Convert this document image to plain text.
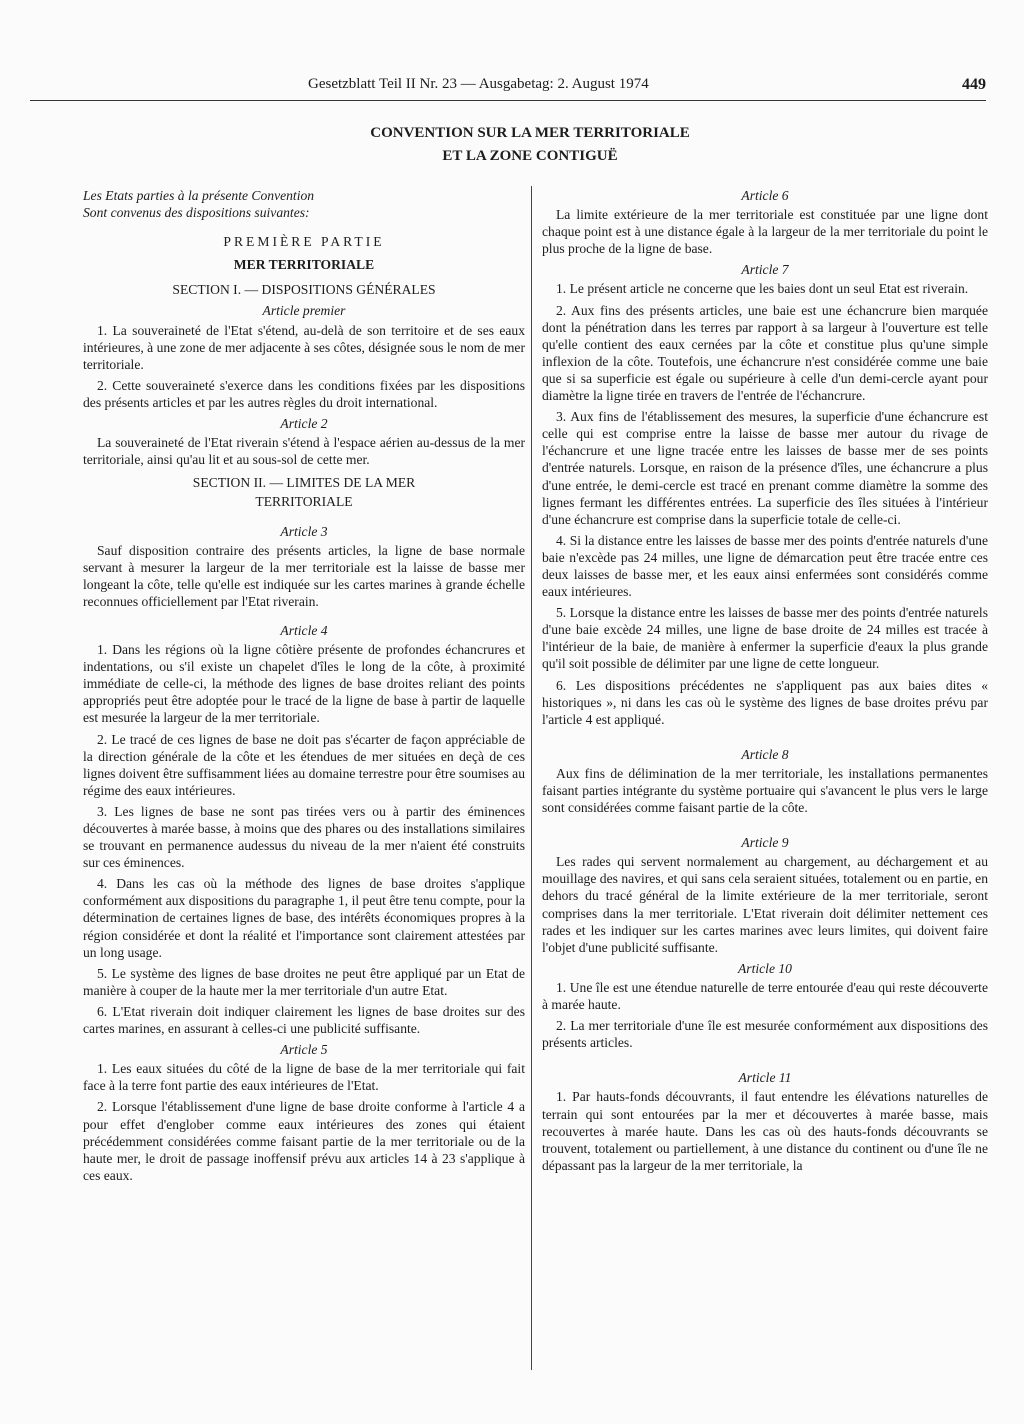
Gesetzblatt Teil II Nr. 23 — Ausgabetag: 2. August 1974	449
CONVENTION SUR LA MER TERRITORIALE
ET LA ZONE CONTIGUË

Les Etats parties à la présente Convention

Sont convenus des dispositions suivantes:

PREMIÈRE PARTIE

MER TERRITORIALE

SECTION I. — DISPOSITIONS GÉNÉRALES

Article premier

1. La souveraineté de l'Etat s'étend, au-delà de son territoire et de ses eaux intérieures, à une zone de mer adjacente à ses côtes, désignée sous le nom de mer territoriale.

2. Cette souveraineté s'exerce dans les conditions fixées par les dispositions des présents articles et par les autres règles du droit international.

Article 2

La souveraineté de l'Etat riverain s'étend à l'espace aérien au-dessus de la mer territoriale, ainsi qu'au lit et au sous-sol de cette mer.

SECTION II. — LIMITES DE LA MER

TERRITORIALE

Article 3

Sauf disposition contraire des présents articles, la ligne de base normale servant à mesurer la largeur de la mer territoriale est la laisse de basse mer longeant la côte, telle qu'elle est indiquée sur les cartes marines à grande échelle reconnues officiellement par l'Etat riverain.

Article 4

1. Dans les régions où la ligne côtière présente de profondes échancrures et indentations, ou s'il existe un chapelet d'îles le long de la côte, à proximité immédiate de celle-ci, la méthode des lignes de base droites reliant des points appropriés peut être adoptée pour le tracé de la ligne de base à partir de laquelle est mesurée la largeur de la mer territoriale.

2. Le tracé de ces lignes de base ne doit pas s'écarter de façon appréciable de la direction générale de la côte et les étendues de mer situées en deçà de ces lignes doivent être suffisamment liées au domaine terrestre pour être soumises au régime des eaux intérieures.

3. Les lignes de base ne sont pas tirées vers ou à partir des éminences découvertes à marée basse, à moins que des phares ou des installations similaires se trouvant en permanence audessus du niveau de la mer n'aient été construits sur ces éminences.

4. Dans les cas où la méthode des lignes de base droites s'applique conformément aux dispositions du paragraphe 1, il peut être tenu compte, pour la détermination de certaines lignes de base, des intérêts économiques propres à la région considérée et dont la réalité et l'importance sont clairement attestées par un long usage.

5. Le système des lignes de base droites ne peut être appliqué par un Etat de manière à couper de la haute mer la mer territoriale d'un autre Etat.

6. L'Etat riverain doit indiquer clairement les lignes de base droites sur des cartes marines, en assurant à celles-ci une publicité suffisante.

Article 5

1. Les eaux situées du côté de la ligne de base de la mer territoriale qui fait face à la terre font partie des eaux intérieures de l'Etat.

2. Lorsque l'établissement d'une ligne de base droite conforme à l'article 4 a pour effet d'englober comme eaux intérieures des zones qui étaient précédemment considérées comme faisant partie de la mer territoriale ou de la haute mer, le droit de passage inoffensif prévu aux articles 14 à 23 s'applique à ces eaux.

Article 6

La limite extérieure de la mer territoriale est constituée par une ligne dont chaque point est à une distance égale à la largeur de la mer territoriale du point le plus proche de la ligne de base.

Article 7

1. Le présent article ne concerne que les baies dont un seul Etat est riverain.

2. Aux fins des présents articles, une baie est une échancrure bien marquée dont la pénétration dans les terres par rapport à sa largeur à l'ouverture est telle qu'elle contient des eaux cernées par la côte et constitue plus qu'une simple inflexion de la côte. Toutefois, une échancrure n'est considérée comme une baie que si sa superficie est égale ou supérieure à celle d'un demi-cercle ayant pour diamètre la ligne tirée en travers de l'entrée de l'échancrure.

3. Aux fins de l'établissement des mesures, la superficie d'une échancrure est celle qui est comprise entre la laisse de basse mer autour du rivage de l'échancrure et une ligne tracée entre les laisses de basse mer de ses points d'entrée naturels. Lorsque, en raison de la présence d'îles, une échancrure a plus d'une entrée, le demi-cercle est tracé en prenant comme diamètre la somme des lignes fermant les différentes entrées. La superficie des îles situées à l'intérieur d'une échancrure est comprise dans la superficie totale de celle-ci.

4. Si la distance entre les laisses de basse mer des points d'entrée naturels d'une baie n'excède pas 24 milles, une ligne de démarcation peut être tracée entre ces deux laisses de basse mer, et les eaux ainsi enfermées sont considérés comme eaux intérieures.

5. Lorsque la distance entre les laisses de basse mer des points d'entrée naturels d'une baie excède 24 milles, une ligne de base droite de 24 milles est tracée à l'intérieur de la baie, de manière à enfermer la superficie d'eaux la plus grande qu'il soit possible de délimiter par une ligne de cette longueur.

6. Les dispositions précédentes ne s'appliquent pas aux baies dites « historiques », ni dans les cas où le système des lignes de base droites prévu par l'article 4 est appliqué.

Article 8

Aux fins de délimination de la mer territoriale, les installations permanentes faisant parties intégrante du système portuaire qui s'avancent le plus vers le large sont considérées comme faisant partie de la côte.

Article 9

Les rades qui servent normalement au chargement, au déchargement et au mouillage des navires, et qui sans cela seraient situées, totalement ou en partie, en dehors du tracé général de la limite extérieure de la mer territoriale, seront comprises dans la mer territoriale. L'Etat riverain doit délimiter nettement ces rades et les indiquer sur les cartes marines avec leurs limites, qui doivent faire l'objet d'une publicité suffisante.

Article 10

1. Une île est une étendue naturelle de terre entourée d'eau qui reste découverte à marée haute.

2. La mer territoriale d'une île est mesurée conformément aux dispositions des présents articles.

Article 11

1. Par hauts-fonds découvrants, il faut entendre les élévations naturelles de terrain qui sont entourées par la mer et découvertes à marée basse, mais recouvertes à marée haute. Dans les cas où des hauts-fonds découvrants se trouvent, totalement ou partiellement, à une distance du continent ou d'une île ne dépassant pas la largeur de la mer territoriale, la
